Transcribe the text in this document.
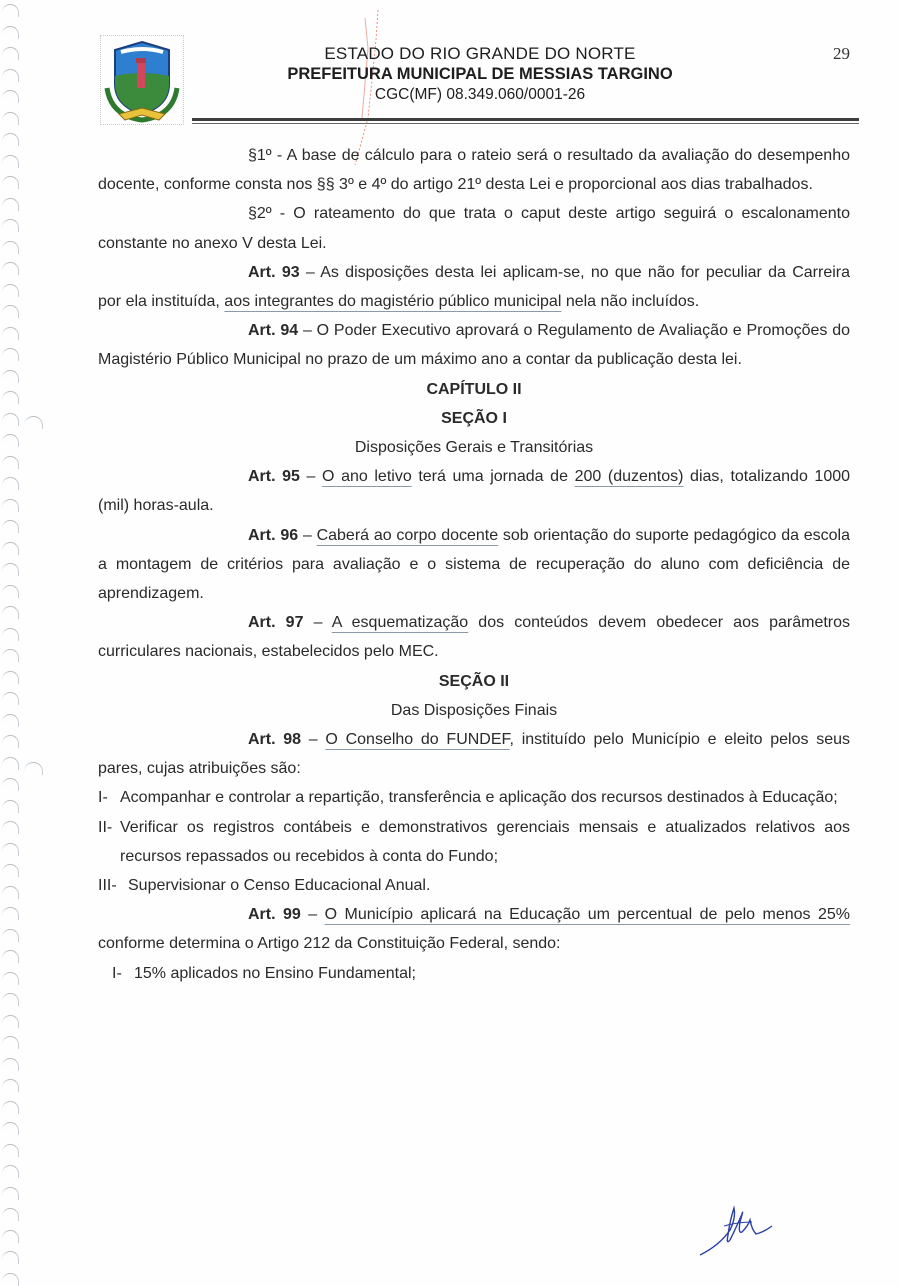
ESTADO DO RIO GRANDE DO NORTE
PREFEITURA MUNICIPAL DE MESSIAS TARGINO
CGC(MF) 08.349.060/0001-26
29

§1º - A base de cálculo para o rateio será o resultado da avaliação do desempenho docente, conforme consta nos §§ 3º e 4º do artigo 21º desta Lei e proporcional aos dias trabalhados.

§2º - O rateamento do que trata o caput deste artigo seguirá o escalonamento constante no anexo V desta Lei.

Art. 93 – As disposições desta lei aplicam-se, no que não for peculiar da Carreira por ela instituída, aos integrantes do magistério público municipal nela não incluídos.

Art. 94 – O Poder Executivo aprovará o Regulamento de Avaliação e Promoções do Magistério Público Municipal no prazo de um máximo ano a contar da publicação desta lei.

CAPÍTULO II

SEÇÃO I

Disposições Gerais e Transitórias

Art. 95 – O ano letivo terá uma jornada de 200 (duzentos) dias, totalizando 1000 (mil) horas-aula.

Art. 96 – Caberá ao corpo docente sob orientação do suporte pedagógico da escola a montagem de critérios para avaliação e o sistema de recuperação do aluno com deficiência de aprendizagem.

Art. 97 – A esquematização dos conteúdos devem obedecer aos parâmetros curriculares nacionais, estabelecidos pelo MEC.

SEÇÃO II

Das Disposições Finais

Art. 98 – O Conselho do FUNDEF, instituído pelo Município e eleito pelos seus pares, cujas atribuições são:

I- Acompanhar e controlar a repartição, transferência e aplicação dos recursos destinados à Educação;

II- Verificar os registros contábeis e demonstrativos gerenciais mensais e atualizados relativos aos recursos repassados ou recebidos à conta do Fundo;

III- Supervisionar o Censo Educacional Anual.

Art. 99 – O Município aplicará na Educação um percentual de pelo menos 25% conforme determina o Artigo 212 da Constituição Federal, sendo:

I- 15% aplicados no Ensino Fundamental;
